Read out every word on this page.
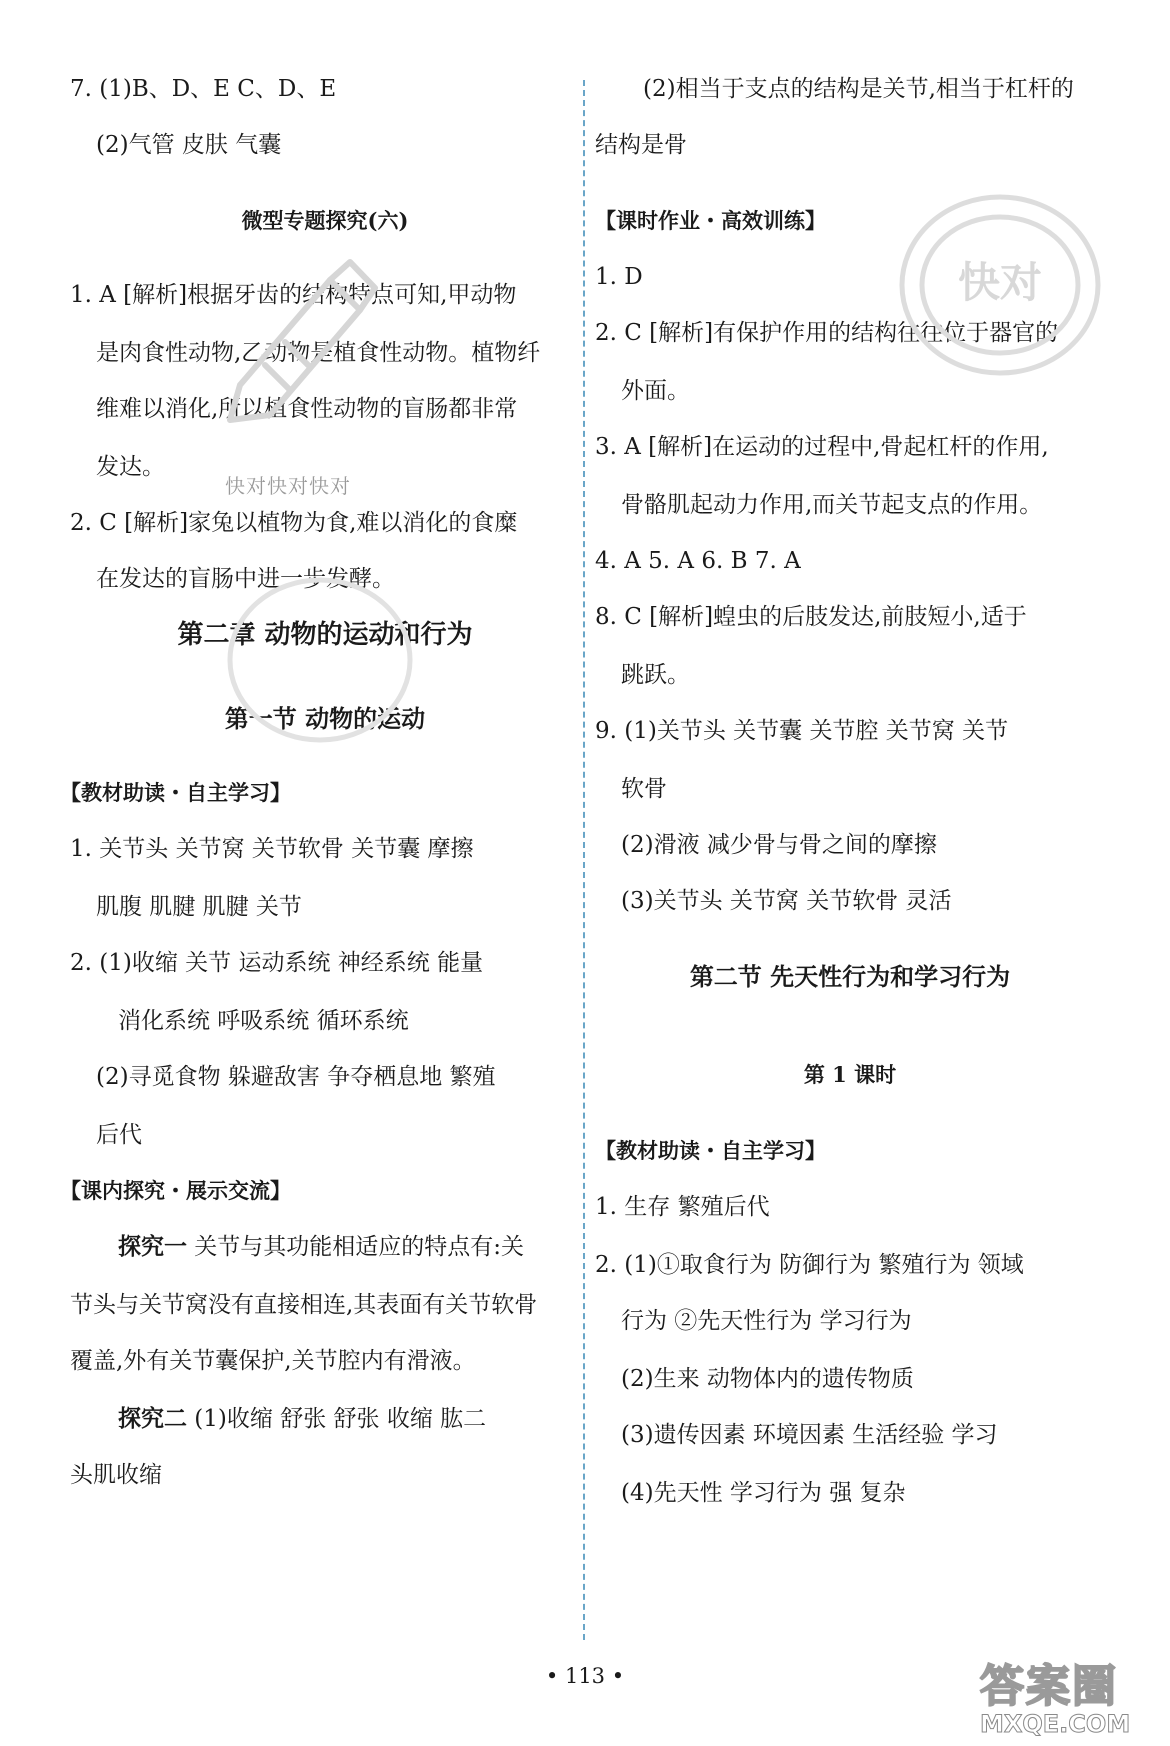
7. (1)B、D、E C、D、E
(2)气管 皮肤 气囊
微型专题探究(六)
1. A [解析]根据牙齿的结构特点可知,甲动物
是肉食性动物,乙动物是植食性动物。植物纤
维难以消化,所以植食性动物的盲肠都非常
发达。
2. C [解析]家兔以植物为食,难以消化的食糜
在发达的盲肠中进一步发酵。
第二章 动物的运动和行为
第一节 动物的运动
【教材助读・自主学习】
1. 关节头 关节窝 关节软骨 关节囊 摩擦
肌腹 肌腱 肌腱 关节
2. (1)收缩 关节 运动系统 神经系统 能量
消化系统 呼吸系统 循环系统
(2)寻觅食物 躲避敌害 争夺栖息地 繁殖
后代
【课内探究・展示交流】
探究一 关节与其功能相适应的特点有:关
节头与关节窝没有直接相连,其表面有关节软骨
覆盖,外有关节囊保护,关节腔内有滑液。
探究二 (1)收缩 舒张 舒张 收缩 肱二
头肌收缩
(2)相当于支点的结构是关节,相当于杠杆的
结构是骨
【课时作业・高效训练】
1. D
2. C [解析]有保护作用的结构往往位于器官的
外面。
3. A [解析]在运动的过程中,骨起杠杆的作用,
骨骼肌起动力作用,而关节起支点的作用。
4. A 5. A 6. B 7. A
8. C [解析]蝗虫的后肢发达,前肢短小,适于
跳跃。
9. (1)关节头 关节囊 关节腔 关节窝 关节
软骨
(2)滑液 减少骨与骨之间的摩擦
(3)关节头 关节窝 关节软骨 灵活
第二节 先天性行为和学习行为
第 1 课时
【教材助读・自主学习】
1. 生存 繁殖后代
2. (1)①取食行为 防御行为 繁殖行为 领域
行为 ②先天性行为 学习行为
(2)生来 动物体内的遗传物质
(3)遗传因素 环境因素 生活经验 学习
(4)先天性 学习行为 强 复杂
• 113 •
快对快对快对
快对
答案圈
MXQE.COM
